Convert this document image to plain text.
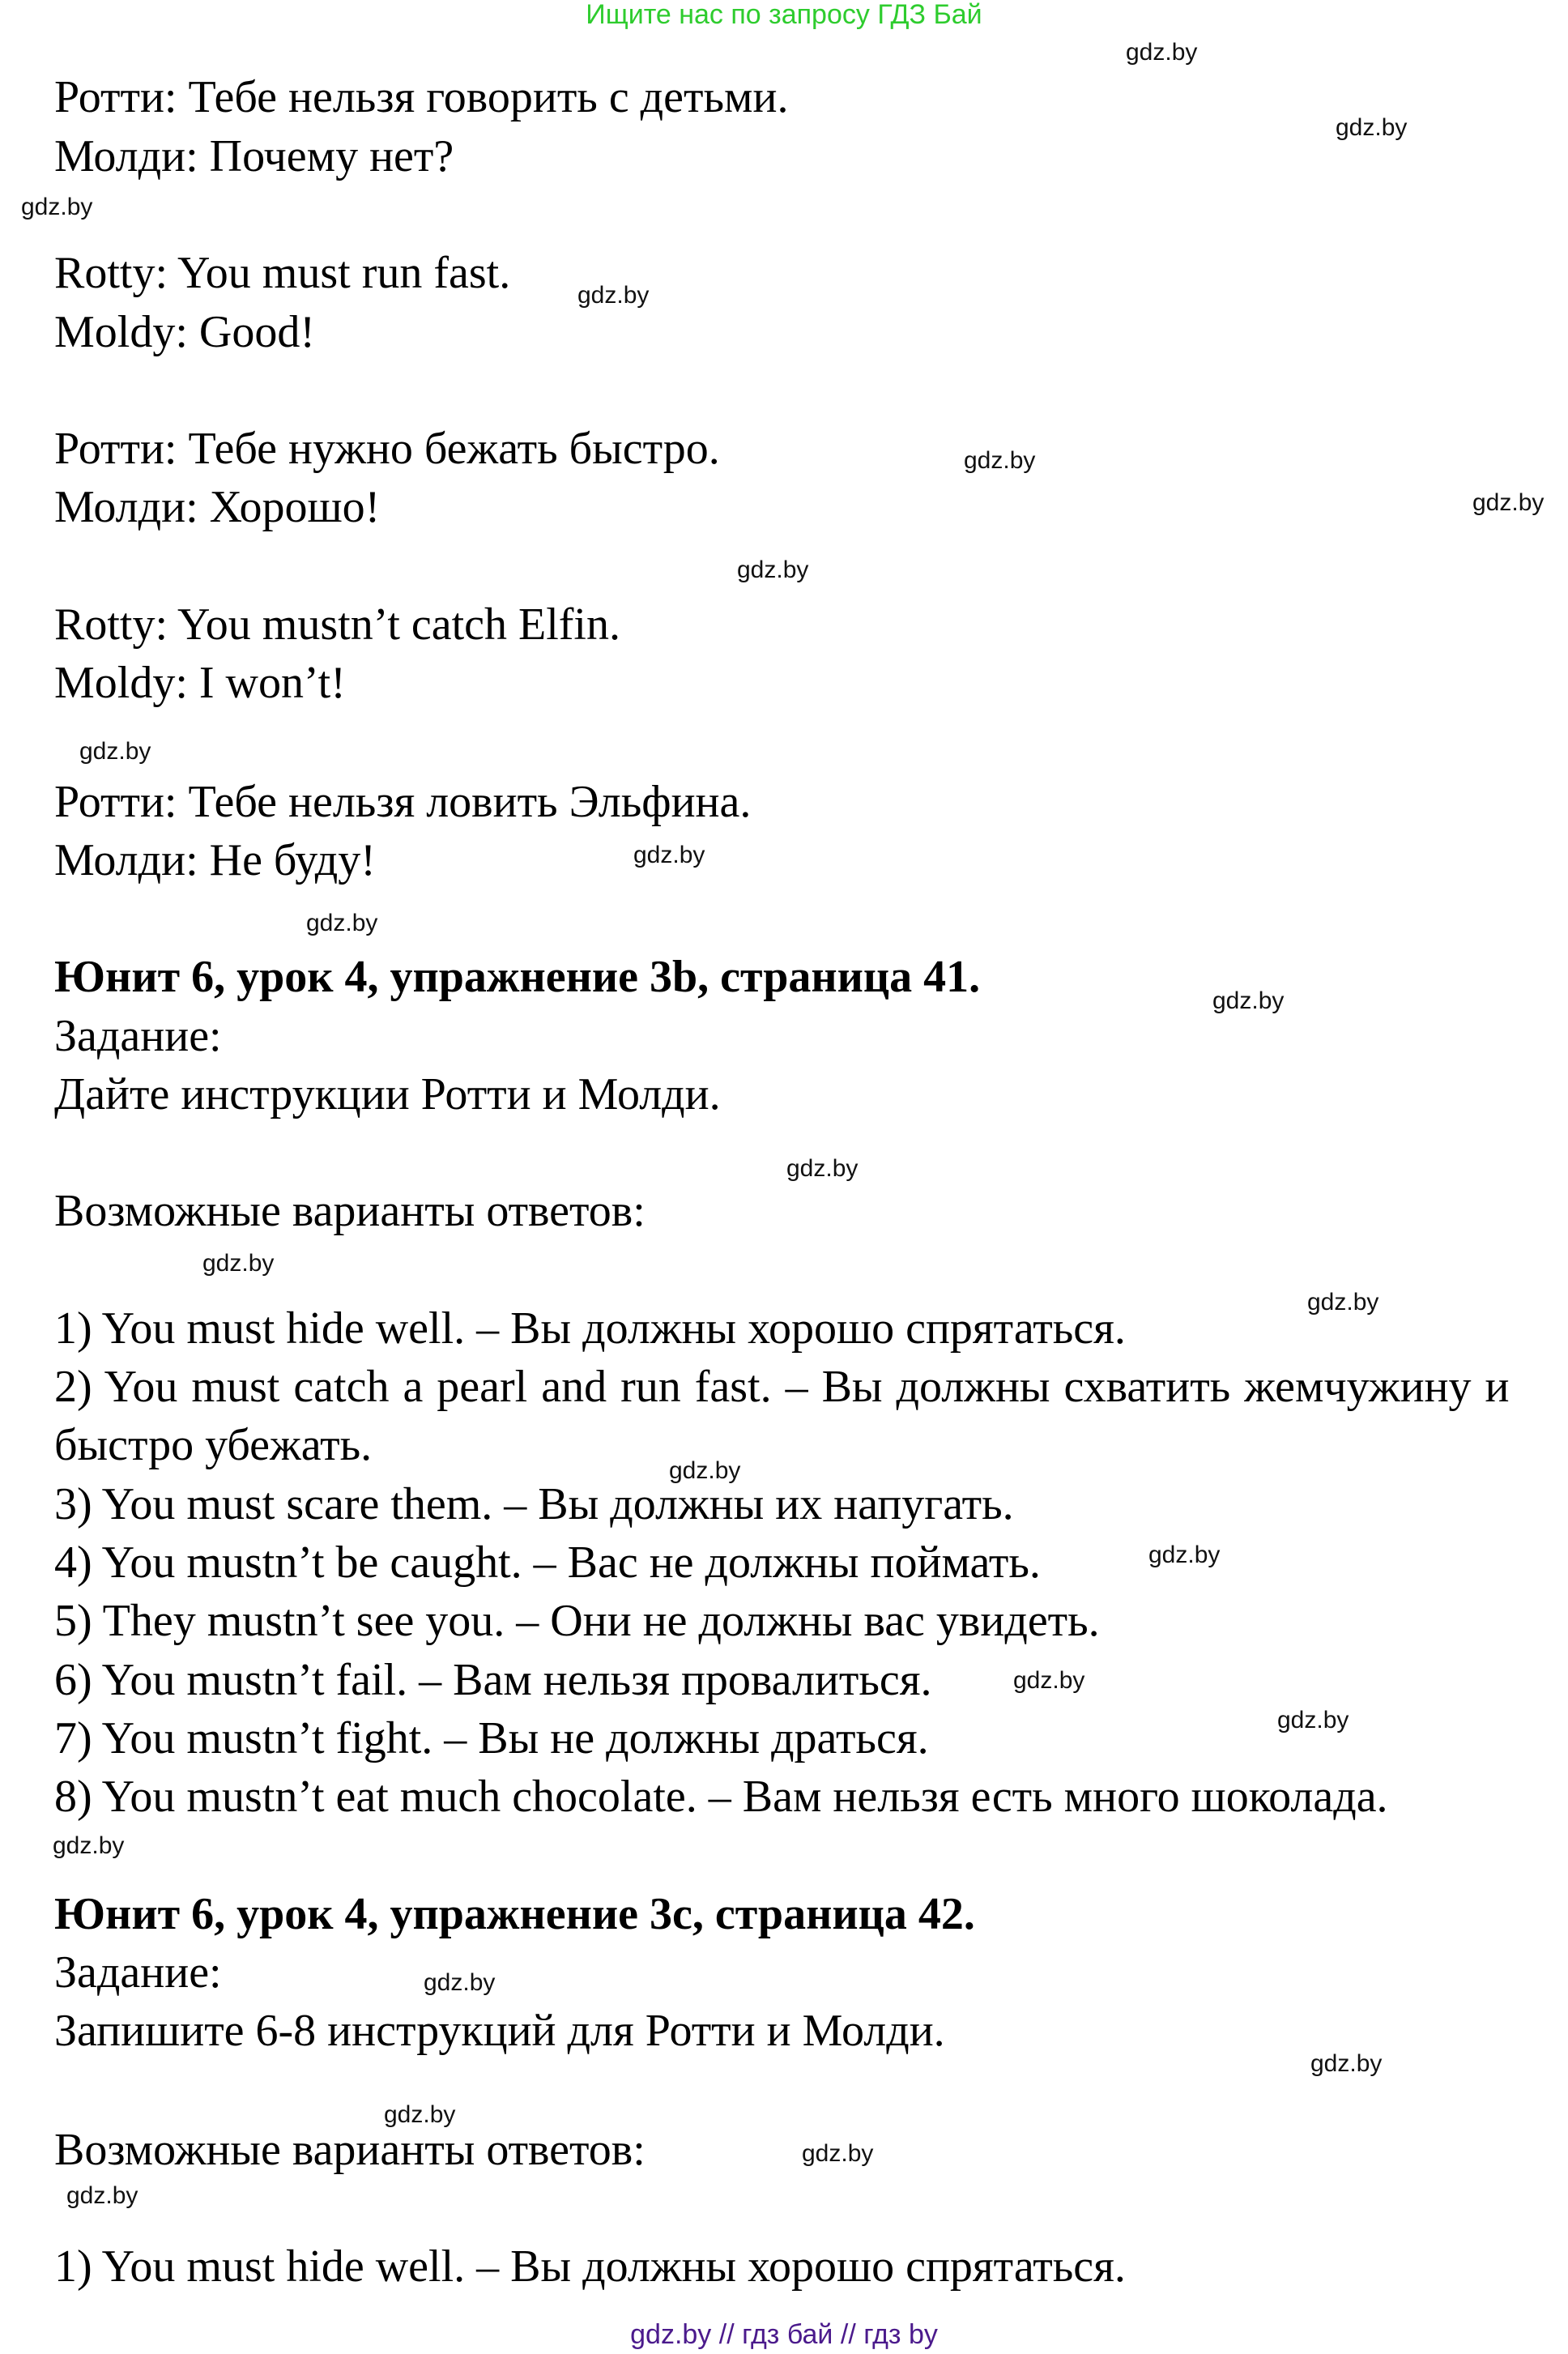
Ищите нас по запросу ГДЗ Бай
Ротти: Тебе нельзя говорить с детьми.
Молди: Почему нет?
Rotty: You must run fast.
Moldy: Good!
Ротти: Тебе нужно бежать быстро.
Молди: Хорошо!
Rotty: You mustn’t catch Elfin.
Moldy: I won’t!
Ротти: Тебе нельзя ловить Эльфина.
Молди: Не буду!
Юнит 6, урок 4, упражнение 3b, страница 41.
Задание:
Дайте инструкции Ротти и Молди.
Возможные варианты ответов:
1) You must hide well. – Вы должны хорошо спрятаться.
2) You must catch a pearl and run fast. – Вы должны схватить жемчужину и
быстро убежать.
3) You must scare them. – Вы должны их напугать.
4) You mustn’t be caught. – Вас не должны поймать.
5) They mustn’t see you. – Они не должны вас увидеть.
6) You mustn’t fail. – Вам нельзя провалиться.
7) You mustn’t fight. – Вы не должны драться.
8) You mustn’t eat much chocolate. – Вам нельзя есть много шоколада.
Юнит 6, урок 4, упражнение 3c, страница 42.
Задание:
Запишите 6-8 инструкций для Ротти и Молди.
Возможные варианты ответов:
1) You must hide well. – Вы должны хорошо спрятаться.
gdz.by
gdz.by
gdz.by
gdz.by
gdz.by
gdz.by
gdz.by
gdz.by
gdz.by
gdz.by
gdz.by
gdz.by
gdz.by
gdz.by
gdz.by
gdz.by
gdz.by
gdz.by
gdz.by
gdz.by
gdz.by
gdz.by
gdz.by
gdz.by
gdz.by // гдз бай // гдз by
